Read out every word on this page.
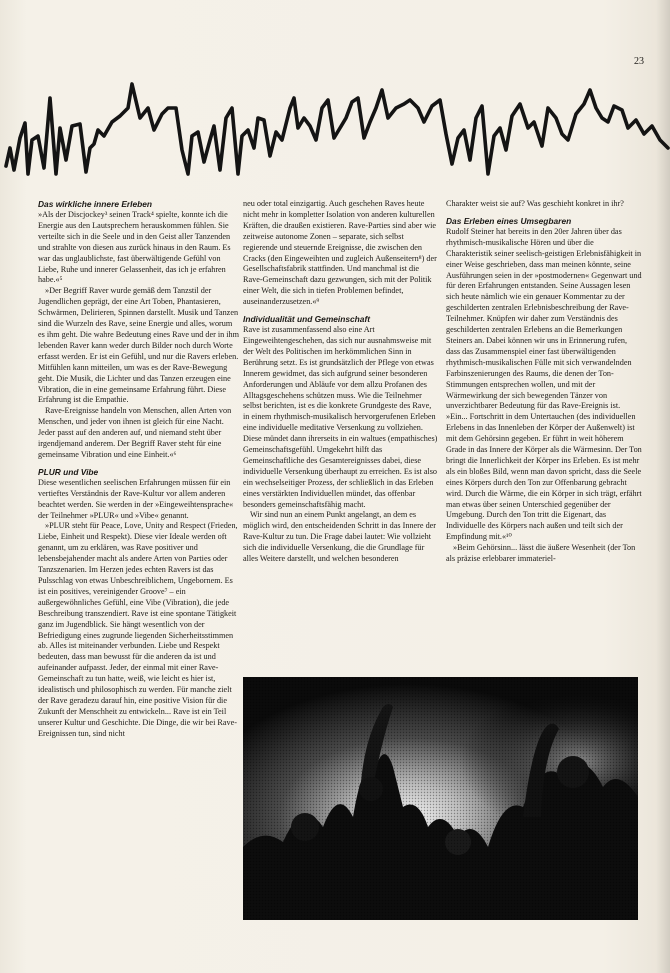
23
Das wirkliche innere Erleben

»Als der Discjockey³ seinen Track⁴ spielte, konnte ich die Energie aus den Lautsprechern herauskommen fühlen. Sie verteilte sich in die Seele und in den Geist aller Tanzenden und strahlte von diesen aus zurück hinaus in den Raum. Es war das unglaublichste, fast überwältigende Gefühl von Liebe, Ruhe und innerer Gelassenheit, das ich je erfahren habe.«⁵

»Der Begriff Raver wurde gemäß dem Tanzstil der Jugendlichen geprägt, der eine Art Toben, Phantasieren, Schwärmen, Delirieren, Spinnen darstellt. Musik und Tanzen sind die Wurzeln des Rave, seine Energie und alles, worum es ihm geht. Die wahre Bedeutung eines Rave und der in ihm lebenden Raver kann weder durch Bilder noch durch Worte erfasst werden. Er ist ein Gefühl, und nur die Ravers erleben. Mitfühlen kann mitteilen, um was es der Rave-Bewegung geht. Die Musik, die Lichter und das Tanzen erzeugen eine Vibration, die in eine gemeinsame Erfahrung führt. Diese Erfahrung ist die Empathie.

Rave-Ereignisse handeln von Menschen, allen Arten von Menschen, und jeder von ihnen ist gleich für eine Nacht. Jeder passt auf den anderen auf, und niemand steht über irgendjemand anderem. Der Begriff Raver steht für eine gemeinsame Vibration und eine Einheit.«⁶

PLUR und Vibe

Diese wesentlichen seelischen Erfahrungen müssen für ein vertieftes Verständnis der Rave-Kultur vor allem anderen beachtet werden. Sie werden in der »Eingeweihtensprache« der Teilnehmer »PLUR« und »Vibe« genannt.

»PLUR steht für Peace, Love, Unity and Respect (Frieden, Liebe, Einheit und Respekt). Diese vier Ideale werden oft genannt, um zu erklären, was Rave positiver und lebensbejahender macht als andere Arten von Parties oder Tanzszenarien. Im Herzen jedes echten Ravers ist das Pulsschlag von etwas Unbeschreiblichem, Ungebornem. Es ist ein positives, vereinigender Groove⁷ – ein außergewöhnliches Gefühl, eine Vibe (Vibration), die jede Beschreibung transzendiert. Rave ist eine spontane Tätigkeit ganz im Jugendblick. Sie hängt wesentlich von der Befriedigung eines zugrunde liegenden Sicherheitsstimmen ab. Alles ist miteinander verbunden. Liebe und Respekt bedeuten, dass man bewusst für die anderen da ist und aufeinander aufpasst. Jeder, der einmal mit einer Rave-Gemeinschaft zu tun hatte, weiß, wie leicht es hier ist, idealistisch und philosophisch zu werden. Für manche zielt der Rave geradezu darauf hin, eine positive Vision für die Zukunft der Menschheit zu entwickeln... Rave ist ein Teil unserer Kultur und Geschichte. Die Dinge, die wir bei Rave-Ereignissen tun, sind nicht

neu oder total einzigartig. Auch geschehen Raves heute nicht mehr in kompletter Isolation von anderen kulturellen Kräften, die draußen existieren. Rave-Parties sind aber wie zeitweise autonome Zonen – separate, sich selbst regierende und steuernde Ereignisse, die zwischen den Cracks (den Eingeweihten und zugleich Außenseitern⁸) der Gesellschaftsfabrik stattfinden. Und manchmal ist die Rave-Gemeinschaft dazu gezwungen, sich mit der Politik einer Welt, die sich in tiefen Problemen befindet, auseinanderzusetzen.«⁹

Individualität und Gemeinschaft

Rave ist zusammenfassend also eine Art Eingeweihtengeschehen, das sich nur ausnahmsweise mit der Welt des Politischen im herkömmlichen Sinn in Berührung setzt. Es ist grundsätzlich der Pflege von etwas Innerem gewidmet, das sich aufgrund seiner besonderen Anforderungen und Abläufe vor dem allzu Profanen des Alltagsgeschehens schützen muss. Wie die Teilnehmer selbst berichten, ist es die konkrete Grundgeste des Rave, in einem rhythmisch-musikalisch hervorgerufenen Erleben eine individuelle meditative Versenkung zu vollziehen. Diese mündet dann ihrerseits in ein waltues (empathisches) Gemeinschaftsgefühl. Umgekehrt hilft das Gemeinschaftliche des Gesamtereignisses dabei, diese individuelle Versenkung überhaupt zu erreichen. Es ist also ein wechselseitiger Prozess, der schließlich in das Erleben eines verstärkten Individuellen mündet, das offenbar besonders gemeinschaftsfähig macht.

Wir sind nun an einem Punkt angelangt, an dem es möglich wird, den entscheidenden Schritt in das Innere der Rave-Kultur zu tun. Die Frage dabei lautet: Wie vollzieht sich die individuelle Versenkung, die die Grundlage für alles Weitere darstellt, und welchen besonderen

Charakter weist sie auf? Was geschieht konkret in ihr?

Das Erleben eines Umsegbaren

Rudolf Steiner hat bereits in den 20er Jahren über das rhythmisch-musikalische Hören und über die Charakteristik seiner seelisch-geistigen Erlebnisfähigkeit in einer Weise geschrieben, dass man meinen könnte, seine Ausführungen seien in der »postmodernen« Gegenwart und für deren Erfahrungen entstanden. Seine Aussagen lesen sich heute nämlich wie ein genauer Kommentar zu der geschilderten zentralen Erlebnisbeschreibung der Rave-Teilnehmer. Knüpfen wir daher zum Verständnis des geschilderten zentralen Erlebens an die Bemerkungen Steiners an. Dabei können wir uns in Erinnerung rufen, dass das Zusammenspiel einer fast überwältigenden rhythmisch-musikalischen Fülle mit sich verwandelnden Farbinszenierungen des Raums, die denen der Ton-Stimmungen entsprechen wollen, und mit der Wärmewirkung der sich bewegenden Tänzer von unverzichtbarer Bedeutung für das Rave-Ereignis ist. »Ein... Fortschritt in dem Untertauchen (des individuellen Erlebens in das Innenleben der Körper der Außenwelt) ist mit dem Gehörsinn gegeben. Er führt in weit höherem Grade in das Innere der Körper als die Wärmesinn. Der Ton bringt die Innerlichkeit der Körper ins Erleben. Es ist mehr als ein bloßes Bild, wenn man davon spricht, dass die Seele eines Körpers durch den Ton zur Offenbarung gebracht wird. Durch die Wärme, die ein Körper in sich trägt, erfährt man etwas über seinen Unterschied gegenüber der Umgebung. Durch den Ton tritt die Eigenart, das Individuelle des Körpers nach außen und teilt sich der Empfindung mit.«¹⁰

»Beim Gehörsinn... lässt die äußere Wesenheit (der Ton als präzise erlebbarer immateriel-
